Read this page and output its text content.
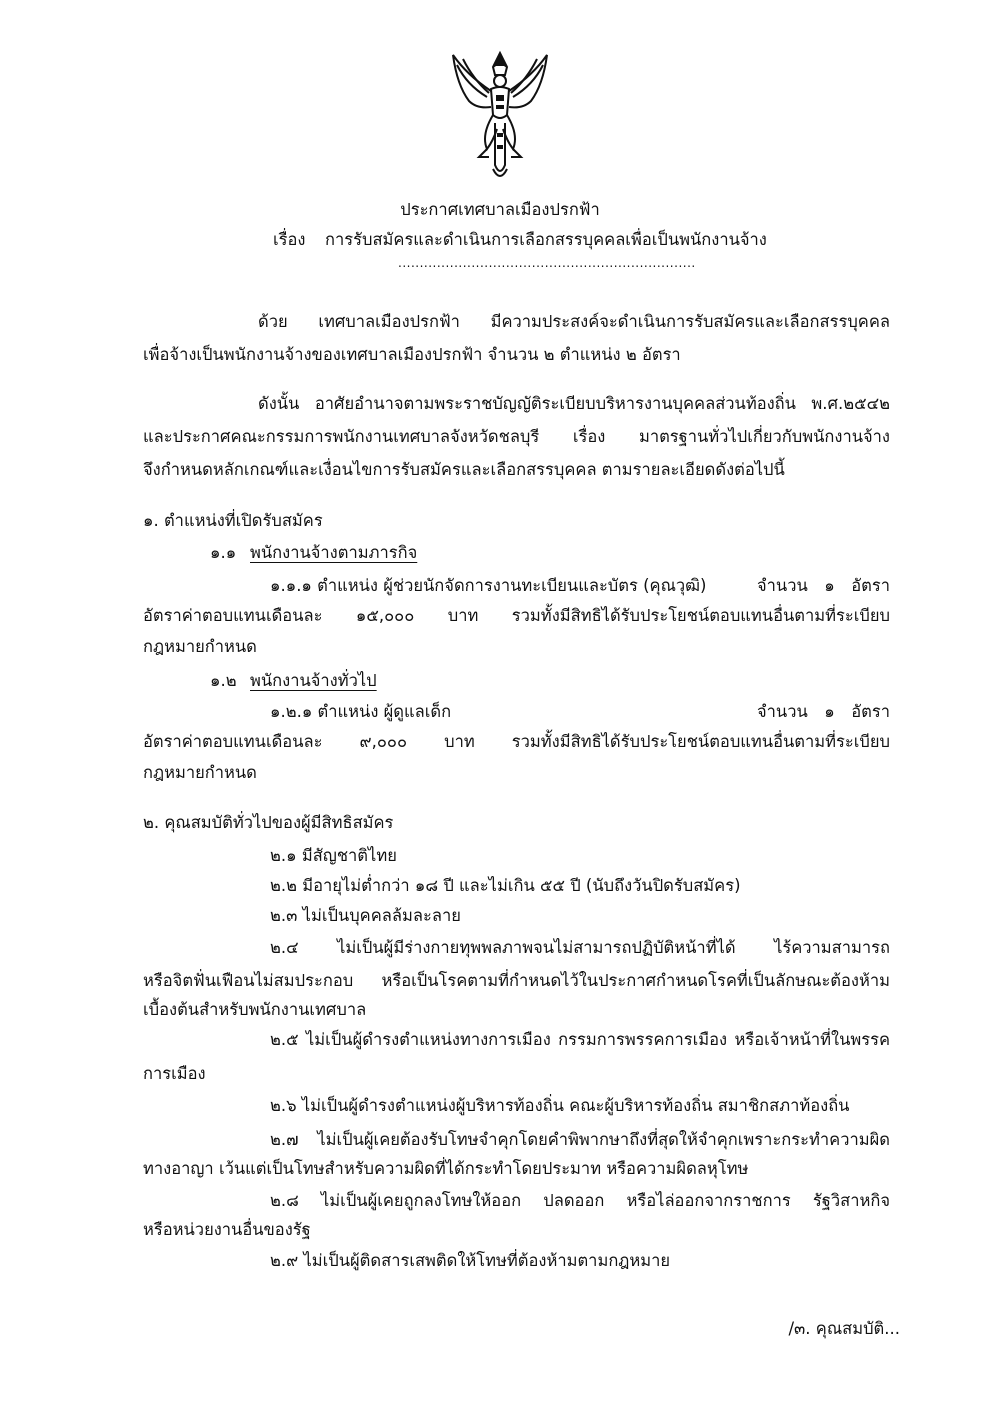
ประกาศเทศบาลเมืองปรกฟ้า
เรื่อง การรับสมัครและดำเนินการเลือกสรรบุคคลเพื่อเป็นพนักงานจ้าง
.....................................................................
ด้วย เทศบาลเมืองปรกฟ้า มีความประสงค์จะดำเนินการรับสมัครและเลือกสรรบุคคล
เพื่อจ้างเป็นพนักงานจ้างของเทศบาลเมืองปรกฟ้า จำนวน ๒ ตำแหน่ง ๒ อัตรา
ดังนั้น อาศัยอำนาจตามพระราชบัญญัติระเบียบบริหารงานบุคคลส่วนท้องถิ่น พ.ศ.๒๕๔๒
และประกาศคณะกรรมการพนักงานเทศบาลจังหวัดชลบุรี เรื่อง มาตรฐานทั่วไปเกี่ยวกับพนักงานจ้าง
จึงกำหนดหลักเกณฑ์และเงื่อนไขการรับสมัครและเลือกสรรบุคคล ตามรายละเอียดดังต่อไปนี้
๑. ตำแหน่งที่เปิดรับสมัคร
๑.๑ พนักงานจ้างตามภารกิจ
๑.๑.๑ ตำแหน่ง ผู้ช่วยนักจัดการงานทะเบียนและบัตร (คุณวุฒิ)	จำนวน ๑ อัตรา
อัตราค่าตอบแทนเดือนละ ๑๕,๐๐๐ บาท รวมทั้งมีสิทธิได้รับประโยชน์ตอบแทนอื่นตามที่ระเบียบ
กฎหมายกำหนด
๑.๒ พนักงานจ้างทั่วไป
๑.๒.๑ ตำแหน่ง ผู้ดูแลเด็ก	จำนวน ๑ อัตรา
อัตราค่าตอบแทนเดือนละ ๙,๐๐๐ บาท รวมทั้งมีสิทธิได้รับประโยชน์ตอบแทนอื่นตามที่ระเบียบ
กฎหมายกำหนด
๒. คุณสมบัติทั่วไปของผู้มีสิทธิสมัคร
๒.๑ มีสัญชาติไทย
๒.๒ มีอายุไม่ต่ำกว่า ๑๘ ปี และไม่เกิน ๕๕ ปี (นับถึงวันปิดรับสมัคร)
๒.๓ ไม่เป็นบุคคลล้มละลาย
๒.๔ ไม่เป็นผู้มีร่างกายทุพพลภาพจนไม่สามารถปฏิบัติหน้าที่ได้ ไร้ความสามารถ
หรือจิตฟั่นเฟือนไม่สมประกอบ หรือเป็นโรคตามที่กำหนดไว้ในประกาศกำหนดโรคที่เป็นลักษณะต้องห้าม
เบื้องต้นสำหรับพนักงานเทศบาล
๒.๕ ไม่เป็นผู้ดำรงตำแหน่งทางการเมือง กรรมการพรรคการเมือง หรือเจ้าหน้าที่ในพรรค
การเมือง
๒.๖ ไม่เป็นผู้ดำรงตำแหน่งผู้บริหารท้องถิ่น คณะผู้บริหารท้องถิ่น สมาชิกสภาท้องถิ่น
๒.๗ ไม่เป็นผู้เคยต้องรับโทษจำคุกโดยคำพิพากษาถึงที่สุดให้จำคุกเพราะกระทำความผิด
ทางอาญา เว้นแต่เป็นโทษสำหรับความผิดที่ได้กระทำโดยประมาท หรือความผิดลหุโทษ
๒.๘ ไม่เป็นผู้เคยถูกลงโทษให้ออก ปลดออก หรือไล่ออกจากราชการ รัฐวิสาหกิจ
หรือหน่วยงานอื่นของรัฐ
๒.๙ ไม่เป็นผู้ติดสารเสพติดให้โทษที่ต้องห้ามตามกฎหมาย
/๓. คุณสมบัติ...
